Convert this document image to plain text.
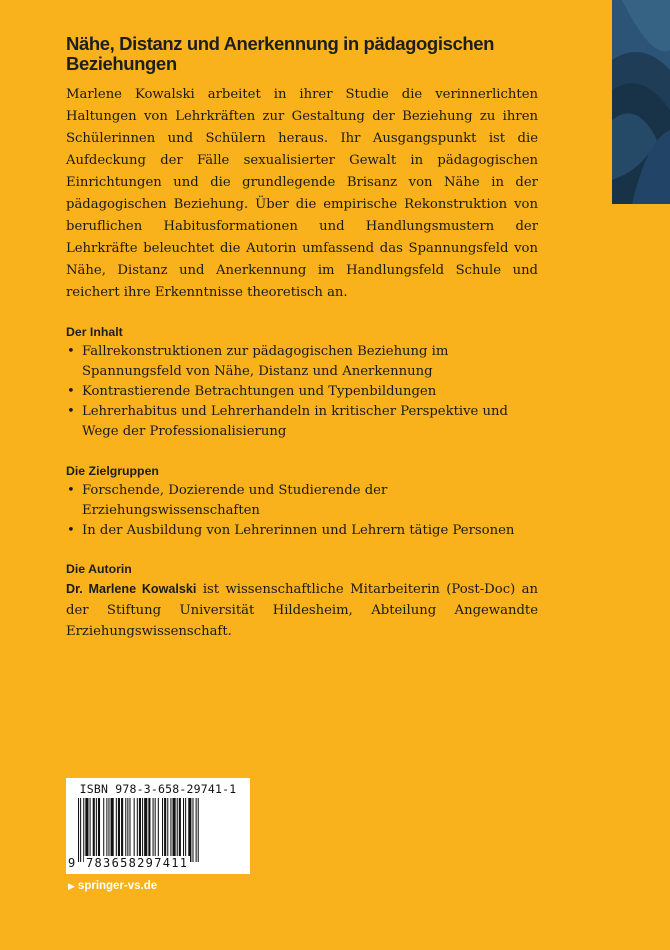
Nähe, Distanz und Anerkennung in pädagogischen Beziehungen

Marlene Kowalski arbeitet in ihrer Studie die verinnerlichten Haltungen von Lehrkräften zur Gestaltung der Beziehung zu ihren Schülerinnen und Schülern heraus. Ihr Ausgangspunkt ist die Aufdeckung der Fälle sexualisierter Gewalt in pädagogischen Einrichtungen und die grundlegende Brisanz von Nähe in der pädagogischen Beziehung. Über die empirische Rekonstruktion von beruflichen Habitusformationen und Handlungsmustern der Lehrkräfte beleuchtet die Autorin umfassend das Spannungsfeld von Nähe, Distanz und Anerkennung im Handlungsfeld Schule und reichert ihre Erkenntnisse theoretisch an.

Der Inhalt

• Fallrekonstruktionen zur pädagogischen Beziehung im Spannungsfeld von Nähe, Distanz und Anerkennung
• Kontrastierende Betrachtungen und Typenbildungen
• Lehrerhabitus und Lehrerhandeln in kritischer Perspektive und Wege der Professionalisierung

Die Zielgruppen

• Forschende, Dozierende und Studierende der Erziehungswissenschaften
• In der Ausbildung von Lehrerinnen und Lehrern tätige Personen

Die Autorin

Dr. Marlene Kowalski ist wissenschaftliche Mitarbeiterin (Post-Doc) an der Stiftung Universität Hildesheim, Abteilung Angewandte Erziehungswissenschaft.

ISBN 978-3-658-29741-1
9 783658297411
▶ springer-vs.de
